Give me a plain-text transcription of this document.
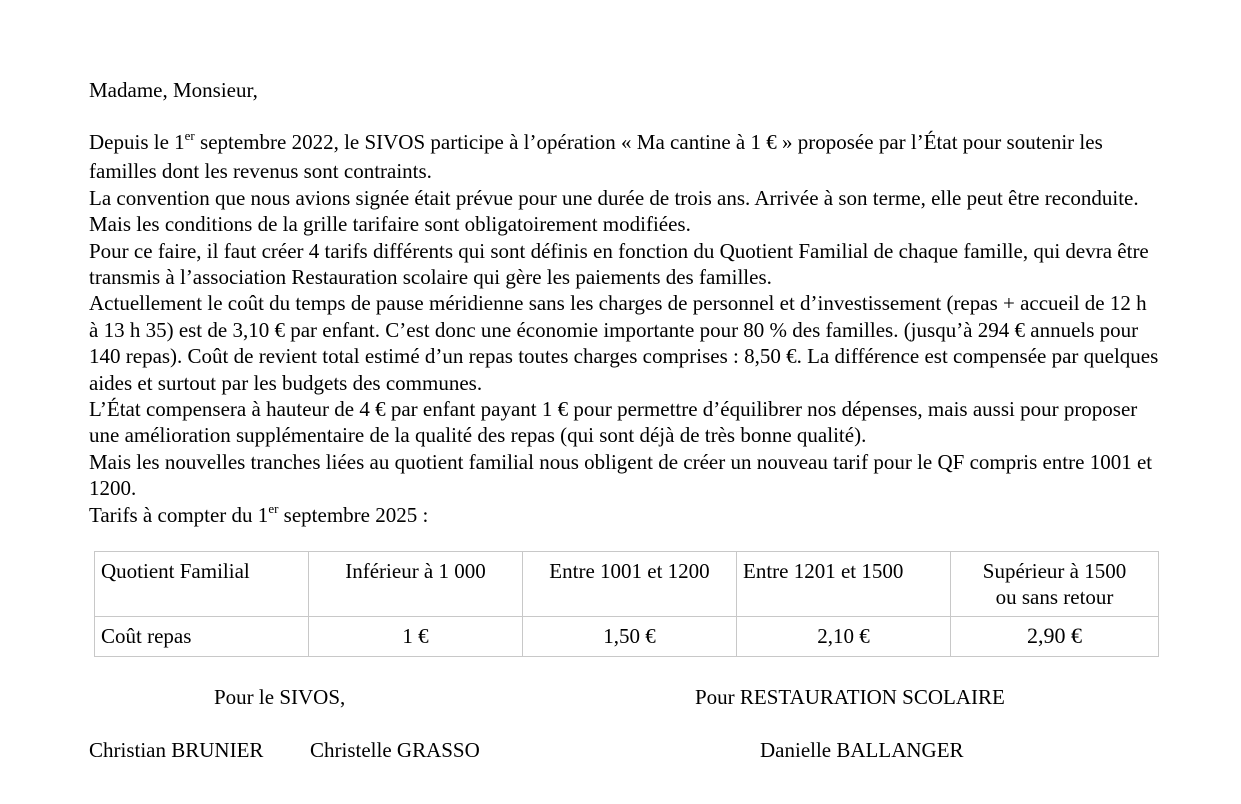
Madame, Monsieur,

Depuis le 1er septembre 2022, le SIVOS participe à l’opération « Ma cantine à 1 € » proposée par l’État pour soutenir les familles dont les revenus sont contraints.

La convention que nous avions signée était prévue pour une durée de trois ans. Arrivée à son terme, elle peut être reconduite. Mais les conditions de la grille tarifaire sont obligatoirement modifiées.

Pour ce faire, il faut créer 4 tarifs différents qui sont définis en fonction du Quotient Familial de chaque famille, qui devra être transmis à l’association Restauration scolaire qui gère les paiements des familles.

Actuellement le coût du temps de pause méridienne sans les charges de personnel et d’investissement (repas + accueil de 12 h à 13 h 35) est de 3,10 € par enfant. C’est donc une économie importante pour 80 % des familles. (jusqu’à 294 € annuels pour 140 repas). Coût de revient total estimé d’un repas toutes charges comprises : 8,50 €. La différence est compensée par quelques aides et surtout par les budgets des communes.

L’État compensera à hauteur de 4 € par enfant payant 1 € pour permettre d’équilibrer nos dépenses, mais aussi pour proposer une amélioration supplémentaire de la qualité des repas (qui sont déjà de très bonne qualité).

Mais les nouvelles tranches liées au quotient familial nous obligent de créer un nouveau tarif pour le QF compris entre 1001 et 1200.

Tarifs à compter du 1er septembre 2025 :

Quotient Familial	Inférieur à 1 000	Entre 1001 et 1200	Entre 1201 et 1500	Supérieur à 1500
ou sans retour
Coût repas	1 €	1,50 €	2,10 €	2,90 €
Pour le SIVOS,	Pour RESTAURATION SCOLAIRE
Christian BRUNIER Christelle GRASSO	Danielle BALLANGER
